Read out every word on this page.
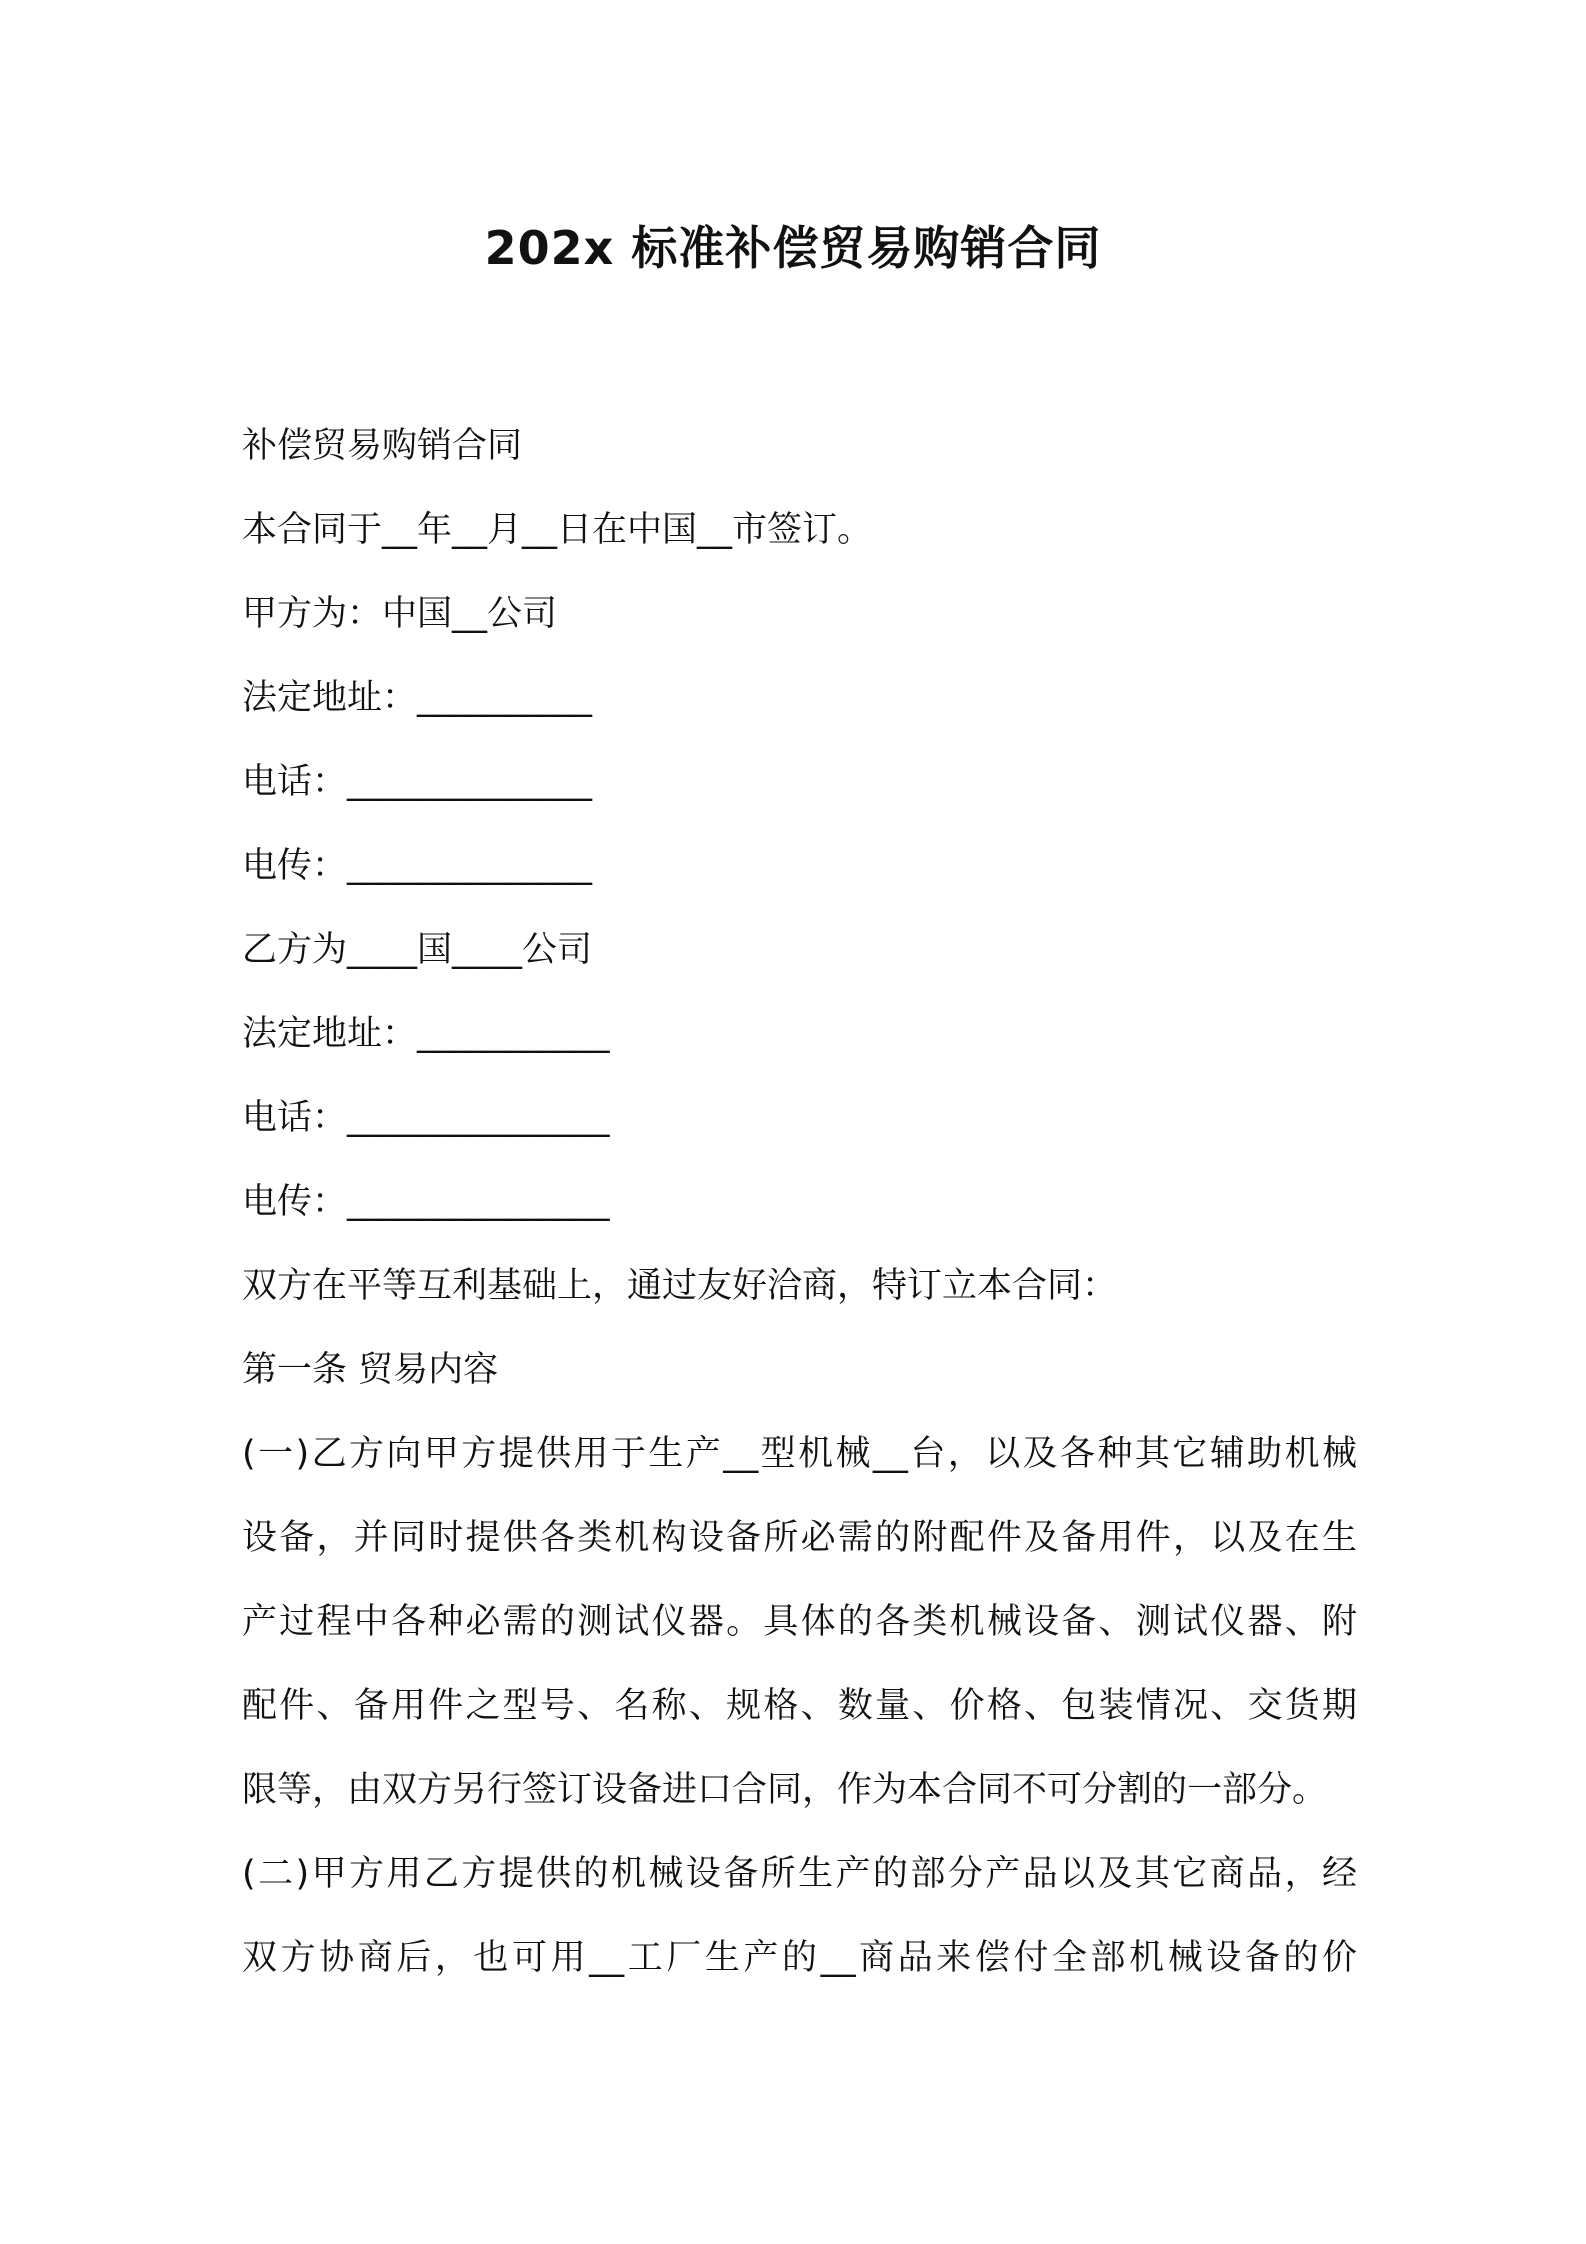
202x 标准补偿贸易购销合同
补偿贸易购销合同
本合同于__年__月__日在中国__市签订。
甲方为：中国__公司
法定地址：__________
电话：______________
电传：______________
乙方为____国____公司
法定地址：___________
电话：_______________
电传：_______________
双方在平等互利基础上，通过友好洽商，特订立本合同：
第一条 贸易内容
(一)乙方向甲方提供用于生产__型机械__台，以及各种其它辅助机械
设备，并同时提供各类机构设备所必需的附配件及备用件，以及在生
产过程中各种必需的测试仪器。具体的各类机械设备、测试仪器、附
配件、备用件之型号、名称、规格、数量、价格、包装情况、交货期
限等，由双方另行签订设备进口合同，作为本合同不可分割的一部分。
(二)甲方用乙方提供的机械设备所生产的部分产品以及其它商品，经
双方协商后，也可用__工厂生产的__商品来偿付全部机械设备的价
